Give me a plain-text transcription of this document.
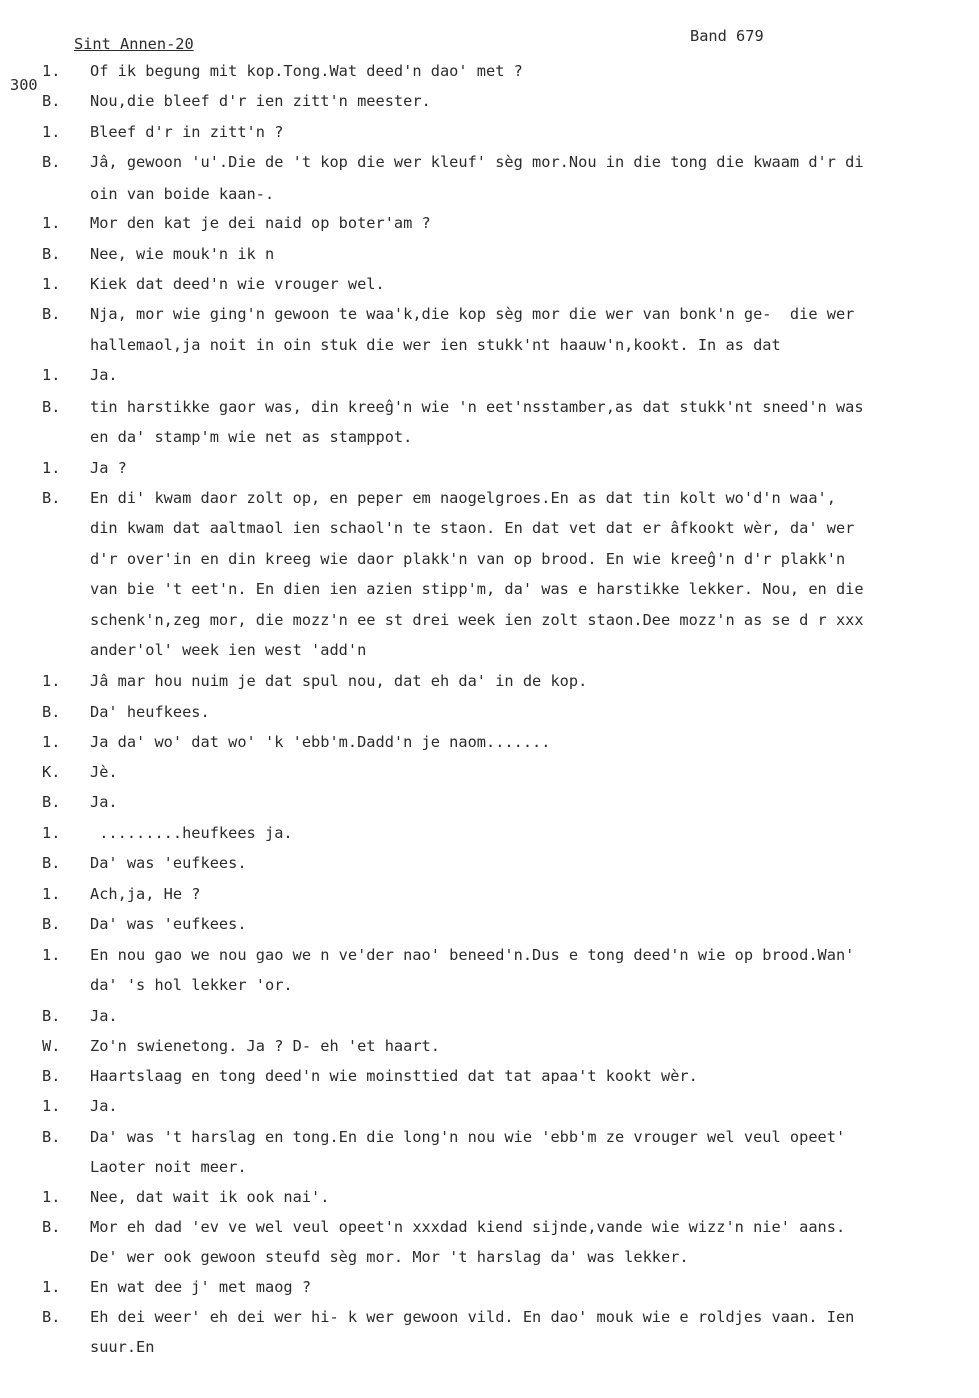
Sint Annen-20	Band 679
300
1. Of ik begung mit kop.Tong.Wat deed'n dao' met ?
B. Nou,die bleef d'r ien zitt'n meester.
1. Bleef d'r in zitt'n ?
B. Jâ, gewoon 'u'.Die de 't kop die wer kleuf' sèg mor.Nou in die tong die kwaam d'r di
oin van boide kaan-.
1. Mor den kat je dei naid op boter'am ?
B. Nee, wie mouk'n ik n
1. Kiek dat deed'n wie vrouger wel.
B. Nja, mor wie ging'n gewoon te waa'k,die kop sèg mor die wer van bonk'n ge-  die wer
hallemaol,ja noit in oin stuk die wer ien stukk'nt haauw'n,kookt. In as dat
1. Ja.
B. tin harstikke gaor was, din kreeĝ'n wie 'n eet'nsstamber,as dat stukk'nt sneed'n was
en da' stamp'm wie net as stamppot.
1. Ja ?
B. En di' kwam daor zolt op, en peper em naogelgroes.En as dat tin kolt wo'd'n waa',
din kwam dat aaltmaol ien schaol'n te staon. En dat vet dat er âfkookt wèr, da' wer
d'r over'in en din kreeg wie daor plakk'n van op brood. En wie kreeĝ'n d'r plakk'n
van bie 't eet'n. En dien ien azien stipp'm, da' was e harstikke lekker. Nou, en die
schenk'n,zeg mor, die mozz'n ee st drei week ien zolt staon.Dee mozz'n as se d r xxx
ander'ol' week ien west 'add'n
1. Jâ mar hou nuim je dat spul nou, dat eh da' in de kop.
B. Da' heufkees.
1. Ja da' wo' dat wo' 'k 'ebb'm.Dadd'n je naom.......
K. Jè.
B. Ja.
1. .........heufkees ja.
B. Da' was 'eufkees.
1. Ach,ja, He ?
B. Da' was 'eufkees.
1. En nou gao we nou gao we n ve'der nao' beneed'n.Dus e tong deed'n wie op brood.Wan'
da' 's hol lekker 'or.
B. Ja.
W. Zo'n swienetong. Ja ? D- eh 'et haart.
B. Haartslaag en tong deed'n wie moinsttied dat tat apaa't kookt wèr.
1. Ja.
B. Da' was 't harslag en tong.En die long'n nou wie 'ebb'm ze vrouger wel veul opeet'
Laoter noit meer.
1. Nee, dat wait ik ook nai'.
B. Mor eh dad 'ev ve wel veul opeet'n xxxdad kiend sijnde,vande wie wizz'n nie' aans.
De' wer ook gewoon steufd sèg mor. Mor 't harslag da' was lekker.
1. En wat dee j' met maog ?
B. Eh dei weer' eh dei wer hi- k wer gewoon vild. En dao' mouk wie e roldjes vaan. Ien
suur.En
